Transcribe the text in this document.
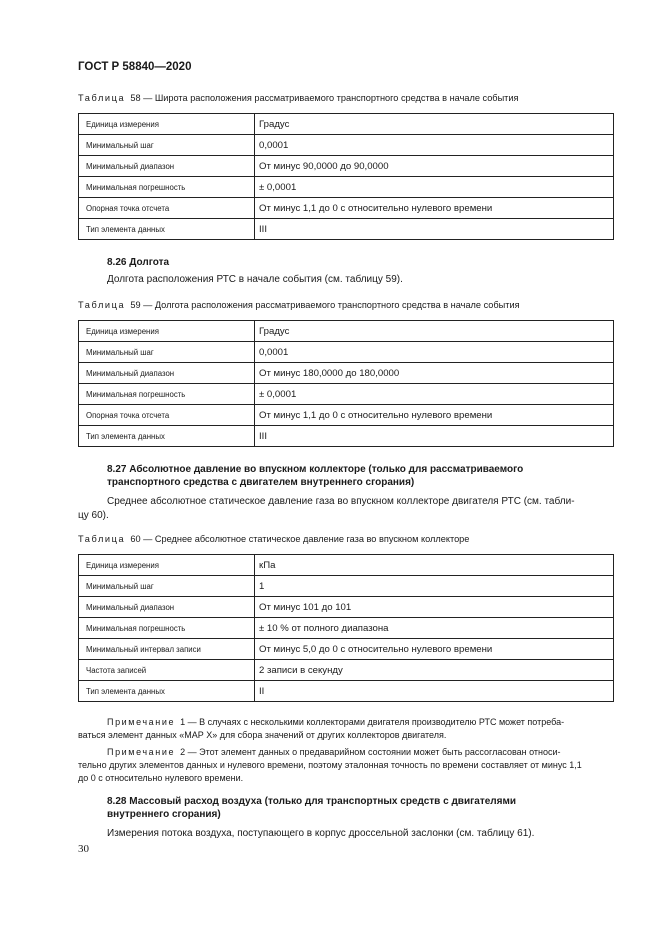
ГОСТ Р 58840—2020
Таблица 58 — Широта расположения рассматриваемого транспортного средства в начале события
Единица измерения	Градус
Минимальный шаг	0,0001
Минимальный диапазон	От минус 90,0000 до 90,0000
Минимальная погрешность	± 0,0001
Опорная точка отсчета	От минус 1,1 до 0 с относительно нулевого времени
Тип элемента данных	III
8.26 Долгота
Долгота расположения РТС в начале события (см. таблицу 59).
Таблица 59 — Долгота расположения рассматриваемого транспортного средства в начале события
Единица измерения	Градус
Минимальный шаг	0,0001
Минимальный диапазон	От минус 180,0000 до 180,0000
Минимальная погрешность	± 0,0001
Опорная точка отсчета	От минус 1,1 до 0 с относительно нулевого времени
Тип элемента данных	III
8.27 Абсолютное давление во впускном коллекторе (только для рассматриваемого
транспортного средства с двигателем внутреннего сгорания)
Среднее абсолютное статическое давление газа во впускном коллекторе двигателя РТС (см. табли-
цу 60).
Таблица 60 — Среднее абсолютное статическое давление газа во впускном коллекторе
Единица измерения	кПа
Минимальный шаг	1
Минимальный диапазон	От минус 101 до 101
Минимальная погрешность	± 10 % от полного диапазона
Минимальный интервал записи	От минус 5,0 до 0 с относительно нулевого времени
Частота записей	2 записи в секунду
Тип элемента данных	II
Примечание 1 — В случаях с несколькими коллекторами двигателя производителю РТС может потреба-
ваться элемент данных «МАР Х» для сбора значений от других коллекторов двигателя.
Примечание 2 — Этот элемент данных о предаварийном состоянии может быть рассогласован относи-
тельно других элементов данных и нулевого времени, поэтому эталонная точность по времени составляет от минус 1,1
до 0 с относительно нулевого времени.
8.28 Массовый расход воздуха (только для транспортных средств с двигателями
внутреннего сгорания)
Измерения потока воздуха, поступающего в корпус дроссельной заслонки (см. таблицу 61).
30
